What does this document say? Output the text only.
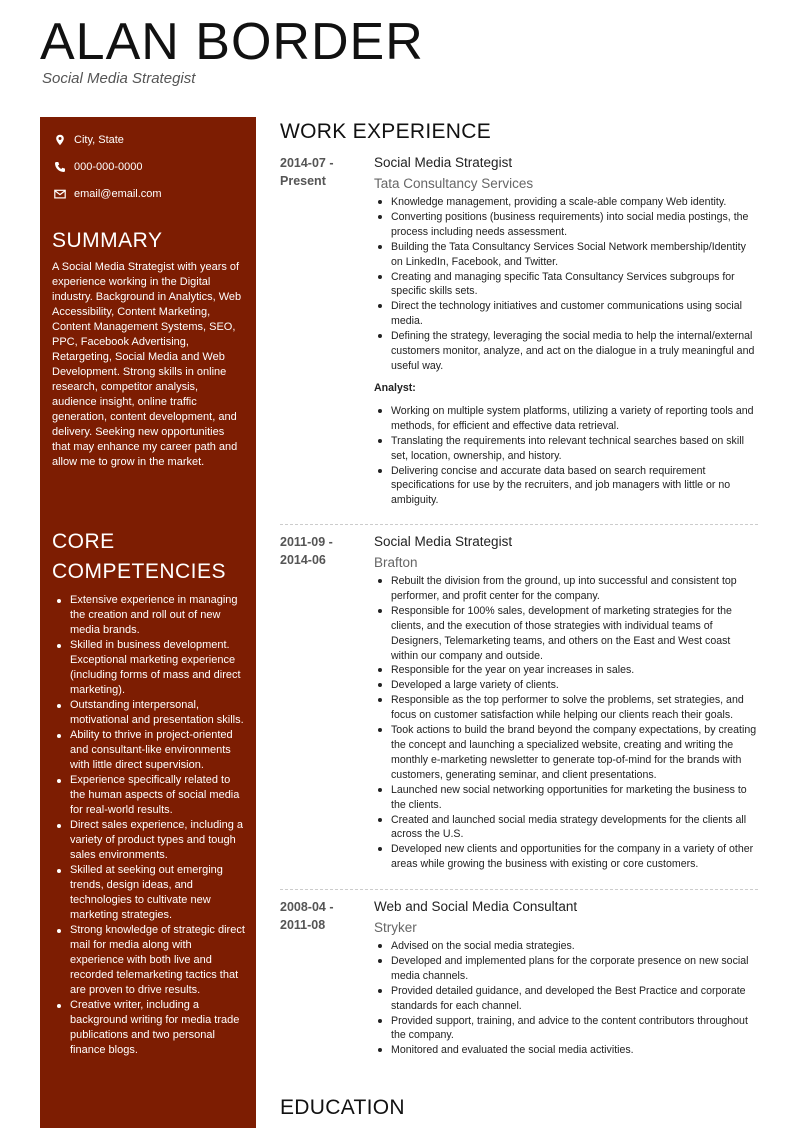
ALAN BORDER
Social Media Strategist
City, State
000-000-0000
email@email.com
SUMMARY

A Social Media Strategist with years of experience working in the Digital industry. Background in Analytics, Web Accessibility, Content Marketing, Content Management Systems, SEO, PPC, Facebook Advertising, Retargeting, Social Media and Web Development. Strong skills in online research, competitor analysis, audience insight, online traffic generation, content development, and delivery. Seeking new opportunities that may enhance my career path and allow me to grow in the market.

CORE
COMPETENCIES
Extensive experience in managing the creation and roll out of new media brands.
Skilled in business development. Exceptional marketing experience (including forms of mass and direct marketing).
Outstanding interpersonal, motivational and presentation skills.
Ability to thrive in project-oriented and consultant-like environments with little direct supervision.
Experience specifically related to the human aspects of social media for real-world results.
Direct sales experience, including a variety of product types and tough sales environments.
Skilled at seeking out emerging trends, design ideas, and technologies to cultivate new marketing strategies.
Strong knowledge of strategic direct mail for media along with experience with both live and recorded telemarketing tactics that are proven to drive results.
Creative writer, including a background writing for media trade publications and two personal finance blogs.
WORK EXPERIENCE
2014-07 -
Present
Social Media Strategist
Tata Consultancy Services
Knowledge management, providing a scale-able company Web identity.
Converting positions (business requirements) into social media postings, the process including needs assessment.
Building the Tata Consultancy Services Social Network membership/Identity on LinkedIn, Facebook, and Twitter.
Creating and managing specific Tata Consultancy Services subgroups for specific skills sets.
Direct the technology initiatives and customer communications using social media.
Defining the strategy, leveraging the social media to help the internal/external customers monitor, analyze, and act on the dialogue in a truly meaningful and useful way.
Analyst:
Working on multiple system platforms, utilizing a variety of reporting tools and methods, for efficient and effective data retrieval.
Translating the requirements into relevant technical searches based on skill set, location, ownership, and history.
Delivering concise and accurate data based on search requirement specifications for use by the recruiters, and job managers with little or no ambiguity.
2011-09 -
2014-06
Social Media Strategist
Brafton
Rebuilt the division from the ground, up into successful and consistent top performer, and profit center for the company.
Responsible for 100% sales, development of marketing strategies for the clients, and the execution of those strategies with individual teams of Designers, Telemarketing teams, and others on the East and West coast within our company and outside.
Responsible for the year on year increases in sales.
Developed a large variety of clients.
Responsible as the top performer to solve the problems, set strategies, and focus on customer satisfaction while helping our clients reach their goals.
Took actions to build the brand beyond the company expectations, by creating the concept and launching a specialized website, creating and writing the monthly e-marketing newsletter to generate top-of-mind for the brands with customers, generating seminar, and client presentations.
Launched new social networking opportunities for marketing the business to the clients.
Created and launched social media strategy developments for the clients all across the U.S.
Developed new clients and opportunities for the company in a variety of other areas while growing the business with existing or core customers.
2008-04 -
2011-08
Web and Social Media Consultant
Stryker
Advised on the social media strategies.
Developed and implemented plans for the corporate presence on new social media channels.
Provided detailed guidance, and developed the Best Practice and corporate standards for each channel.
Provided support, training, and advice to the content contributors throughout the company.
Monitored and evaluated the social media activities.
EDUCATION
